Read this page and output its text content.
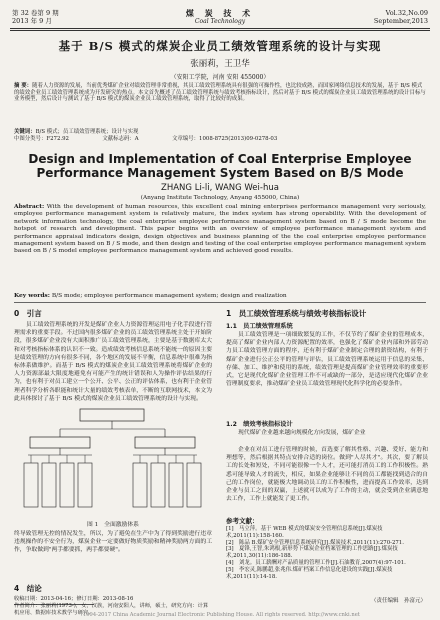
第 32 卷第 9 期
2013 年 9 月
煤 炭 技 术
Coal Technology
Vol.32,No.09
September,2013
基于 B/S 模式的煤炭企业员工绩效管理系统的设计与实现
张丽莉，王卫华
（安阳工学院，河南 安阳 455000）
摘 要：随着人力资源的发展，当前优秀煤矿企业对绩效管理非常重视，其员工绩效管理系统具有很强的可操作性，也比较成熟，而国家网络信息技术的发展，基于 B/S 模式的绩效企业员工绩效管理系统成为开发研究的热点。本文首先概述了员工绩效管理系统与绩效考核指标设计，然后对基于 B/S 模式的煤炭企业员工绩效管理系统的设计目标与业务模型，然后设计与测试了基于 B/S 模式的煤炭企业员工绩效管理系统，取得了比较好的成果。
关键词：B/S 模式；员工绩效管理系统；设计与实现
中图分类号：F272.92	文献标志码：A	文章编号：1008-8725(2013)09-0278-03
Design and Implementation of Coal Enterprise Employee
Performance Management System Based on B/S Mode
ZHANG Li-li, WANG Wei-hua
(Anyang Institute Technology, Anyang 455000, China)
Abstract: With the development of human resources, this excellent coal mining enterprises performance management very seriously, employee performance management system is relatively mature, the index system has strong operability. With the development of network information technology, the coal enterprise employee performance management system based on B / S mode become the hotspot of research and development. This paper begins with an overview of employee performance management system and performance appraisal indicators design, design objectives and business planning of the the coal enterprise employee performance management system based on B / S mode, and then design and testing of the coal enterprise employee performance management system based on B / S model employee performance management system and achieved good results.
Key words: B/S mode; employee performance management system; design and realization
0　引言
员工绩效管理系统的开发是煤矿企业人力资源管理运用电子化手段进行管理需求的重要手段。不过国内很多煤矿企业的员工绩效管理系统主处于开始阶段，很多煤矿企业没有大面积推广员工绩效管理系统，主要是基于数据库太大和对考核指标体系的认识不一致。造成绩效考核信息系统不能统一的原因主要是绩效管理的方向有很多不同，各个地区的发展不平衡，信息系统中很难为指标体系做维护。而基于 B/S 模式的煤炭企业员工绩效管理系统将煤矿企业的人力资源部最大限度地避免有可能产生的统计错误和人为操作评估结果的行为，也有利于对员工建立一个公开、公平、公正的评估体系，也有利于企业管理者科学分析各职能和统计大量的绩效考核表单，不断的互联网技术，本文为此具体探讨了基于 B/S 模式的煤炭企业员工绩效管理系统的设计与实现。
图 1　全面激励体系
终导致管理无控的情况发生，所以，为了避免在生产中为了得到奖励进行违章违规操作的不安全行为，煤炭企业一定要做好物质奖励和精神奖励两方面的工作，争取做到"两手都要抓，两手都要硬"。
4　结论
收稿日期：2013-04-16；修订日期：2013-08-16
作者简介：张丽莉(1973-)，女，汉族，河南安阳人，讲师，硕士，研究方向：计算机应用、数据库技术教学与研究。
1　员工绩效管理系统与绩效考核指标设计
1.1　员工绩效管理系统
员工绩效管理是一项细致繁复的工作，不仅节约了煤矿企业的管理成本，提高了煤矿企业内部人力资源配置的效率，也强化了煤矿企业内部和外部劳动力员工绩效管理方面的程序，还有利于煤矿企业制定合理的薪资结构，有利于煤矿企业进行公正公平的管理与评估，员工绩效管理系统运用于信息的采集、存储、加工、维护和使用的系统，绩效管理是提高煤矿企业管理效率的重要形式，它是现代化煤矿企业管理工作不可或缺的一部分，是适应现代化煤矿企业管理制度要求，推动煤矿企业员工绩效管理现代化科学化的必要条件。
1.2　绩效考核指标设计
现代煤矿企业越来越向规模化方向发展，煤矿企业
企业在对员工进行管理的时候，首选要了解其性格、兴趣、爱好、能力和理想等，然后根据其特点安排合适的岗位。做到"人尽其才"。其次，要了解员工的长处和短处，不同可能很像一个人才，还可能打消员工的工作积极性。熟悉可能导致人才的流失，相反，如果企业能够让不同的员工都能找到适合的自己的工作岗位，就能极大地调动员工的工作积极性，进而提高工作效率，达到企业与员工之间的双赢，上述就可以成为了工作的主动，就会受到企业满意地去工作，工作上就能发了更工作。
参考文献：
[1]　马立萍。基于 WEB 模式的煤炭安全管理信息系统[J].煤炭技术,2011(11):158-160.
[2]　陈品 B.煤矿安全管理信息系统研究[J].煤炭技术,2011(11):270-271.
[3]　夏锋,王智,朱鸿根,新形势下煤炭企业档案管理的工作思路[J].煤炭技术,2011,30(11):186-188.
[4]　刘龙。员工薪酬对产品质量的管理工作[J].石油教育,2007(4):97-101.
[5]　李宏灵,陈鹏超,张兆伟.煤矿档案工作信息化建设的实践[J].煤炭技术,2011(11):14-18.
（责任编辑　孙富元）
?1994-2017 China Academic Journal Electronic Publishing House. All rights reserved. http://www.cnki.net
